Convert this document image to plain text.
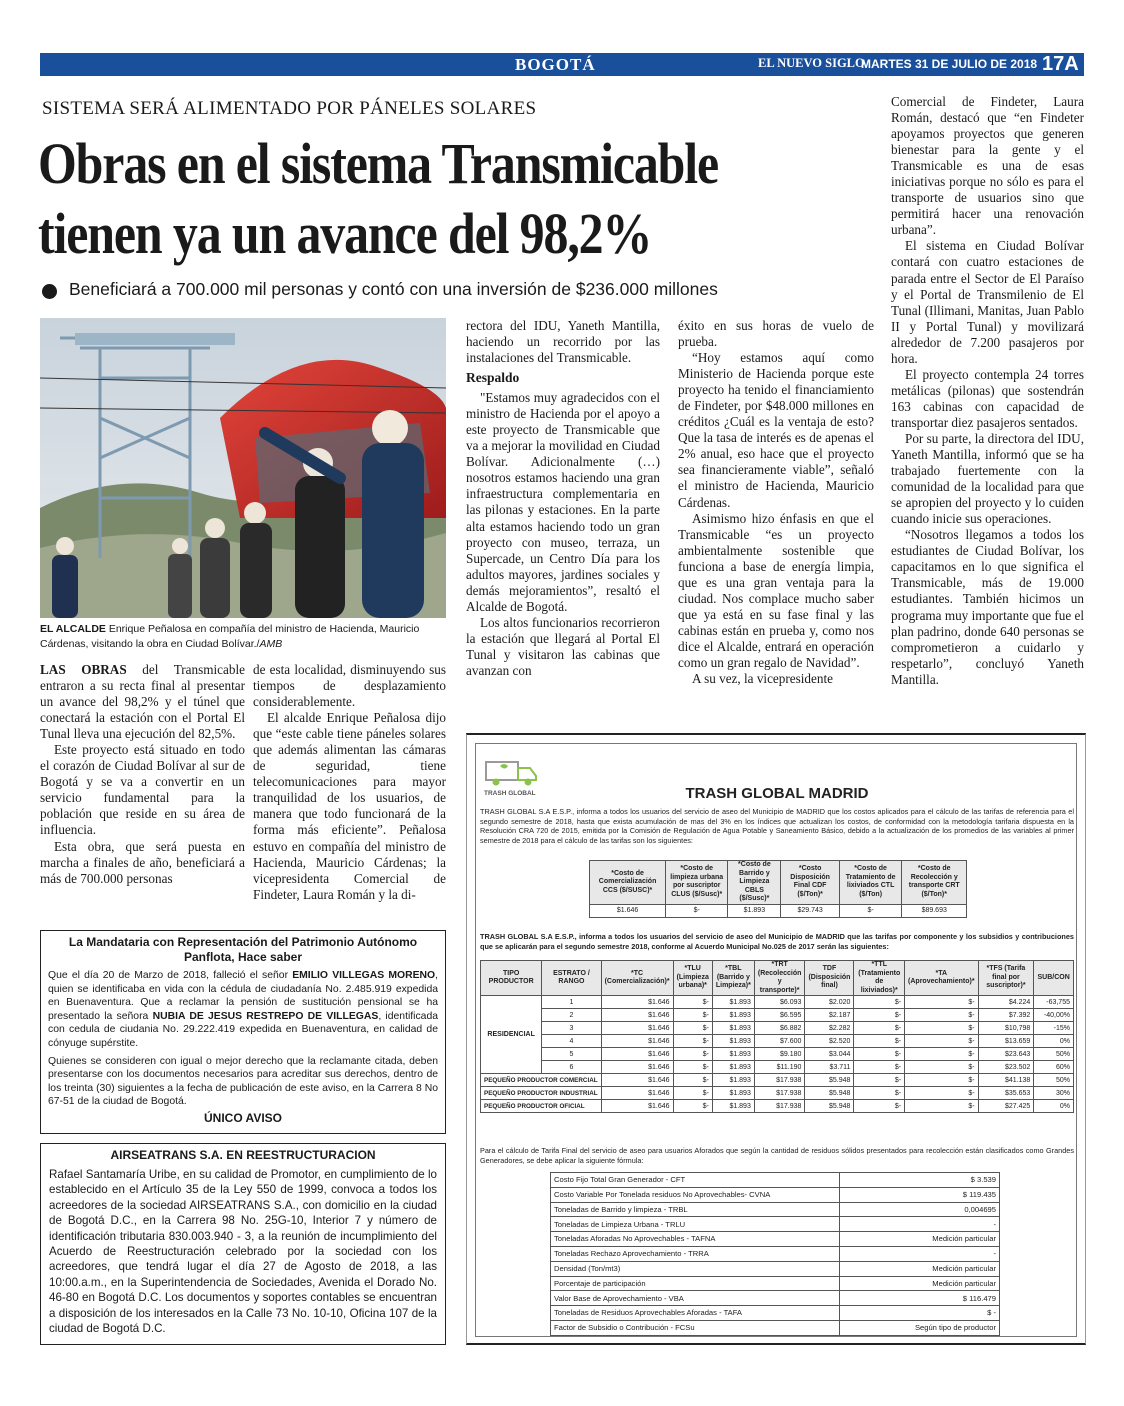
BOGOTÁ	EL NUEVO SIGLO
MARTES 31 DE JULIO DE 2018 17A
SISTEMA SERÁ ALIMENTADO POR PÁNELES SOLARES
Obras en el sistema Transmicable
tienen ya un avance del 98,2%
Beneficiará a 700.000 mil personas y contó con una inversión de $236.000 millones
EL ALCALDE Enrique Peñalosa en compañía del ministro de Hacienda, Mauricio Cárdenas, visitando la obra en Ciudad Bolívar./AMB

LAS OBRAS del Transmicable entraron a su recta final al presentar un avance del 98,2% y el túnel que conectará la estación con el Portal El Tunal lleva una ejecución del 82,5%.

Este proyecto está situado en todo el corazón de Ciudad Bolívar al sur de Bogotá y se va a convertir en un servicio fundamental para la población que reside en su área de influencia.

Esta obra, que será puesta en marcha a finales de año, beneficiará a más de 700.000 personas

de esta localidad, disminuyendo sus tiempos de desplazamiento considerablemente.

El alcalde Enrique Peñalosa dijo que “este cable tiene páneles solares que además alimentan las cámaras de seguridad, tiene telecomunicaciones para mayor tranquilidad de los usuarios, de manera que todo funcionará de la forma más eficiente”. Peñalosa estuvo en compañía del ministro de Hacienda, Mauricio Cárdenas; la vicepresidenta Comercial de Findeter, Laura Román y la di-

rectora del IDU, Yaneth Mantilla, haciendo un recorrido por las instalaciones del Transmicable.

Respaldo

"Estamos muy agradecidos con el ministro de Hacienda por el apoyo a este proyecto de Transmicable que va a mejorar la movilidad en Ciudad Bolívar. Adicionalmente (…) nosotros estamos haciendo una gran infraestructura complementaria en las pilonas y estaciones. En la parte alta estamos haciendo todo un gran proyecto con museo, terraza, un Supercade, un Centro Día para los adultos mayores, jardines sociales y demás mejoramientos”, resaltó el Alcalde de Bogotá.

Los altos funcionarios recorrieron la estación que llegará al Portal El Tunal y visitaron las cabinas que avanzan con

éxito en sus horas de vuelo de prueba.

“Hoy estamos aquí como Ministerio de Hacienda porque este proyecto ha tenido el financiamiento de Findeter, por $48.000 millones en créditos ¿Cuál es la ventaja de esto? Que la tasa de interés es de apenas el 2% anual, eso hace que el proyecto sea financieramente viable”, señaló el ministro de Hacienda, Mauricio Cárdenas.

Asimismo hizo énfasis en que el Transmicable “es un proyecto ambientalmente sostenible que funciona a base de energía limpia, que es una gran ventaja para la ciudad. Nos complace mucho saber que ya está en su fase final y las cabinas están en prueba y, como nos dice el Alcalde, entrará en operación como un gran regalo de Navidad”.

A su vez, la vicepresidente

Comercial de Findeter, Laura Román, destacó que “en Findeter apoyamos proyectos que generen bienestar para la gente y el Transmicable es una de esas iniciativas porque no sólo es para el transporte de usuarios sino que permitirá hacer una renovación urbana”.

El sistema en Ciudad Bolívar contará con cuatro estaciones de parada entre el Sector de El Paraíso y el Portal de Transmilenio de El Tunal (Illimani, Manitas, Juan Pablo II y Portal Tunal) y movilizará alrededor de 7.200 pasajeros por hora.

El proyecto contempla 24 torres metálicas (pilonas) que sostendrán 163 cabinas con capacidad de transportar diez pasajeros sentados.

Por su parte, la directora del IDU, Yaneth Mantilla, informó que se ha trabajado fuertemente con la comunidad de la localidad para que se apropien del proyecto y lo cuiden cuando inicie sus operaciones.

“Nosotros llegamos a todos los estudiantes de Ciudad Bolívar, los capacitamos en lo que significa el Transmicable, más de 19.000 estudiantes. También hicimos un programa muy importante que fue el plan padrino, donde 640 personas se comprometieron a cuidarlo y respetarlo”, concluyó Yaneth Mantilla.

La Mandataria con Representación del Patrimonio Autónomo Panflota, Hace saber

Que el día 20 de Marzo de 2018, falleció el señor EMILIO VILLEGAS MORENO, quien se identificaba en vida con la cédula de ciudadanía No. 2.485.919 expedida en Buenaventura. Que a reclamar la pensión de sustitución pensional se ha presentado la señora NUBIA DE JESUS RESTREPO DE VILLEGAS, identificada con cedula de ciudania No. 29.222.419 expedida en Buenaventura, en calidad de cónyuge supérstite.

Quienes se consideren con igual o mejor derecho que la reclamante citada, deben presentarse con los documentos necesarios para acreditar sus derechos, dentro de los treinta (30) siguientes a la fecha de publicación de este aviso, en la Carrera 8 No 67-51 de la ciudad de Bogotá.

ÚNICO AVISO
AIRSEATRANS S.A. EN REESTRUCTURACION

Rafael Santamaría Uribe, en su calidad de Promotor, en cumplimiento de lo establecido en el Artículo 35 de la Ley 550 de 1999, convoca a todos los acreedores de la sociedad AIRSEATRANS S.A., con domicilio en la ciudad de Bogotá D.C., en la Carrera 98 No. 25G-10, Interior 7 y número de identificación tributaria 830.003.940 - 3, a la reunión de incumplimiento del Acuerdo de Reestructuración celebrado por la sociedad con los acreedores, que tendrá lugar el día 27 de Agosto de 2018, a las 10:00.a.m., en la Superintendencia de Sociedades, Avenida el Dorado No. 46-80 en Bogotá D.C. Los documentos y soportes contables se encuentran a disposición de los interesados en la Calle 73 No. 10-10, Oficina 107 de la ciudad de Bogotá D.C.

TRASH GLOBAL	TRASH GLOBAL MADRID

TRASH GLOBAL S.A E.S.P., informa a todos los usuarios del servicio de aseo del Municipio de MADRID que los costos aplicados para el cálculo de las tarifas de referencia para el segundo semestre de 2018, hasta que exista acumulación de mas del 3% en los índices que actualizan los costos, de conformidad con la metodología tarifaria dispuesta en la Resolución CRA 720 de 2015, emitida por la Comisión de Regulación de Agua Potable y Saneamiento Básico, debido a la actualización de los promedios de las variables al primer semestre de 2018 para el cálculo de las tarifas son los siguientes:

*Costo de Comercialización CCS ($/SUSC)*	*Costo de limpieza urbana por suscriptor CLUS ($/Susc)*	*Costo de Barrido y Limpieza CBLS ($/Susc)*	*Costo Disposición Final CDF ($/Ton)*	*Costo de Tratamiento de lixiviados CTL ($/Ton)	*Costo de Recolección y transporte CRT ($/Ton)*
$1.646	$-	$1.893	$29.743	$-	$89.693

TRASH GLOBAL S.A E.S.P., informa a todos los usuarios del servicio de aseo del Municipio de MADRID que las tarifas por componente y los subsidios y contribuciones que se aplicarán para el segundo semestre 2018, conforme al Acuerdo Municipal No.025 de 2017 serán las siguientes:

TIPO PRODUCTOR	ESTRATO / RANGO	*TC (Comercialización)*	*TLU (Limpieza urbana)*	*TBL (Barrido y Limpieza)*	*TRT (Recolección y transporte)*	TDF (Disposición final)	*TTL (Tratamiento de lixiviados)*	*TA (Aprovechamiento)*	*TFS (Tarifa final por suscriptor)*	SUB/CON
RESIDENCIAL	1	$1.646	$-	$1.893	$6.093	$2.020	$-	$-	$4.224	-63,755
	2	$1.646	$-	$1.893	$6.595	$2.187	$-	$-	$7.392	-40,00%
	3	$1.646	$-	$1.893	$6.882	$2.282	$-	$-	$10,798	-15%
	4	$1.646	$-	$1.893	$7.600	$2.520	$-	$-	$13.659	0%
	5	$1.646	$-	$1.893	$9.180	$3.044	$-	$-	$23.643	50%
	6	$1.646	$-	$1.893	$11.190	$3.711	$-	$-	$23.502	60%
PEQUEÑO PRODUCTOR COMERCIAL		$1.646	$-	$1.893	$17.938	$5.948	$-	$-	$41.138	50%
PEQUEÑO PRODUCTOR INDUSTRIAL		$1.646	$-	$1.893	$17.938	$5.948	$-	$-	$35.653	30%
PEQUEÑO PRODUCTOR OFICIAL		$1.646	$-	$1.893	$17.938	$5.948	$-	$-	$27.425	0%

Para el cálculo de Tarifa Final del servicio de aseo para usuarios Aforados que según la cantidad de residuos sólidos presentados para recolección están clasificados como Grandes Generadores, se debe aplicar la siguiente fórmula:

Costo Fijo Total Gran Generador - CFT	$ 3.539
Costo Variable Por Tonelada residuos No Aprovechables- CVNA	$ 119.435
Toneladas de Barrido y limpieza - TRBL	0,004695
Toneladas de Limpieza Urbana - TRLU	-
Toneladas Aforadas No Aprovechables - TAFNA	Medición particular
Toneladas Rechazo Aprovechamiento - TRRA	-
Densidad (Ton/mt3)	Medición particular
Porcentaje de participación	Medición particular
Valor Base de Aprovechamiento - VBA	$ 116.479
Toneladas de Residuos Aprovechables Aforadas - TAFA	$ -
Factor de Subsidio o Contribución - FCSu	Según tipo de productor
